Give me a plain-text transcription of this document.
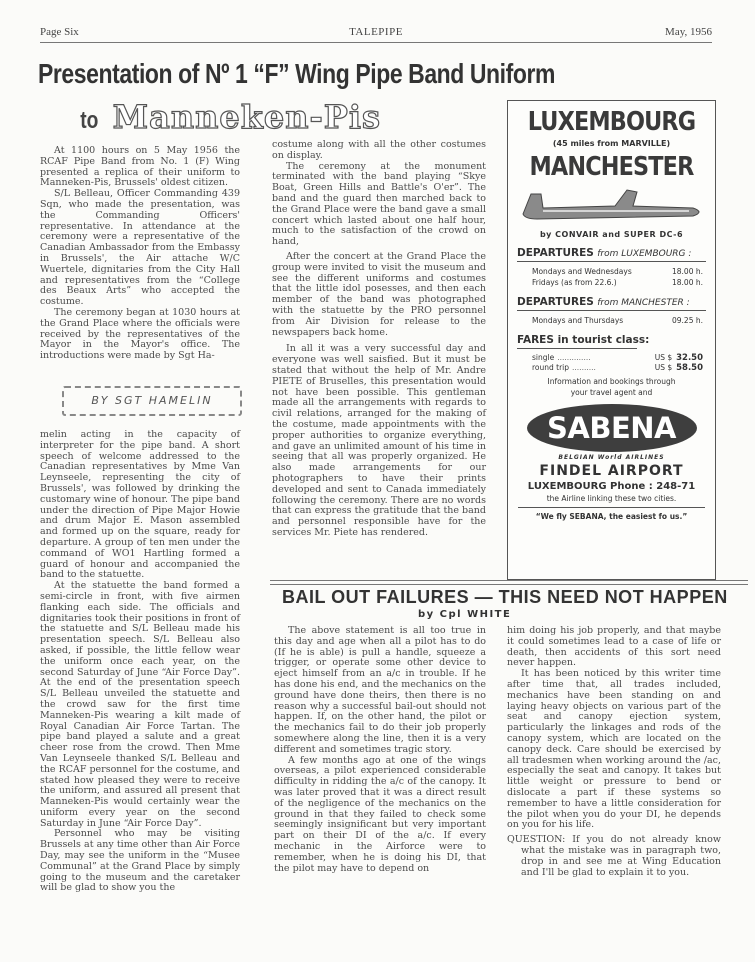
Page Six	TALEPIPE	May, 1956
Presentation of Nº 1 “F” Wing Pipe Band Uniform
to Manneken-Pis

At 1100 hours on 5 May 1956 the RCAF Pipe Band from No. 1 (F) Wing presented a replica of their uniform to Manneken-Pis, Brussels' oldest citizen.

S/L Belleau, Officer Commanding 439 Sqn, who made the presentation, was the Commanding Officers' representative. In attendance at the ceremony were a representative of the Canadian Ambassador from the Embassy in Brussels', the Air attache W/C Wuertele, dignitaries from the City Hall and representatives from the “College des Beaux Arts” who accepted the costume.

The ceremony began at 1030 hours at the Grand Place where the officials were received by the representatives of the Mayor in the Mayor's office. The introductions were made by Sgt Ha-

BY SGT HAMELIN

melin acting in the capacity of interpreter for the pipe band. A short speech of welcome addressed to the Canadian representatives by Mme Van Leynseele, representing the city of Brussels', was followed by drinking the customary wine of honour. The pipe band under the direction of Pipe Major Howie and drum Major E. Mason assembled and formed up on the square, ready for departure. A group of ten men under the command of WO1 Hartling formed a guard of honour and accompanied the band to the statuette.

At the statuette the band formed a semi-circle in front, with five airmen flanking each side. The officials and dignitaries took their positions in front of the statuette and S/L Belleau made his presentation speech. S/L Belleau also asked, if possible, the little fellow wear the uniform once each year, on the second Saturday of June “Air Force Day”. At the end of the presentation speech S/L Belleau unveiled the statuette and the crowd saw for the first time Manneken-Pis wearing a kilt made of Royal Canadian Air Force Tartan. The pipe band played a salute and a great cheer rose from the crowd. Then Mme Van Leynseele thanked S/L Belleau and the RCAF personnel for the costume, and stated how pleased they were to receive the uniform, and assured all present that Manneken-Pis would certainly wear the uniform every year on the second Saturday in June “Air Force Day”.

Personnel who may be visiting Brussels at any time other than Air Force Day, may see the uniform in the “Musee Communal” at the Grand Place by simply going to the museum and the caretaker will be glad to show you the

costume along with all the other costumes on display.

The ceremony at the monument terminated with the band playing “Skye Boat, Green Hills and Battle's O'er”. The band and the guard then marched back to the Grand Place were the band gave a small concert which lasted about one half hour, much to the satisfaction of the crowd on hand,

After the concert at the Grand Place the group were invited to visit the museum and see the different uniforms and costumes that the little idol posesses, and then each member of the band was photographed with the statuette by the PRO personnel from Air Division for release to the newspapers back home.

In all it was a very successful day and everyone was well saisfied. But it must be stated that without the help of Mr. Andre PIETE of Bruselles, this presentation would not have been possible. This gentleman made all the arrangements with regards to civil relations, arranged for the making of the costume, made appointments with the proper authorities to organize everything, and gave an unlimited amount of his time in seeing that all was properly organized. He also made arrangements for our photographers to have their prints developed and sent to Canada immediately following the ceremony. There are no words that can express the gratitude that the band and personnel responsible have for the services Mr. Piete has rendered.

LUXEMBOURG
(45 miles from MARVILLE)
MANCHESTER
by CONVAIR and SUPER DC-6
DEPARTURES from LUXEMBOURG :
Mondays and Wednesdays	18.00 h.
Fridays (as from 22.6.)	18.00 h.
DEPARTURES from MANCHESTER :
Mondays and Thursdays	09.25 h.
FARES in tourist class:
single ..............	US $ 32.50
round trip ..........	US $ 58.50
Information and bookings through your travel agent and
SABENA
BELGIAN World AIRLINES
FINDEL AIRPORT
LUXEMBOURG Phone : 248-71
the Airline linking these two cities.
“We fly SEBANA, the easiest fo us.”
BAIL OUT FAILURES — THIS NEED NOT HAPPEN
by Cpl WHITE

The above statement is all too true in this day and age when all a pilot has to do (If he is able) is pull a handle, squeeze a trigger, or operate some other device to eject himself from an a/c in trouble. If he has done his end, and the mechanics on the ground have done theirs, then there is no reason why a successful bail-out should not happen. If, on the other hand, the pilot or the mechanics fail to do their job properly somewhere along the line, then it is a very different and sometimes tragic story.

A few months ago at one of the wings overseas, a pilot experienced considerable difficulty in ridding the a/c of the canopy. It was later proved that it was a direct result of the negligence of the mechanics on the ground in that they failed to check some seemingly insignificant but very important part on their DI of the a/c. If every mechanic in the Airforce were to remember, when he is doing his DI, that the pilot may have to depend on

him doing his job properly, and that maybe it could sometimes lead to a case of life or death, then accidents of this sort need never happen.

It has been noticed by this writer time after time that, all trades included, mechanics have been standing on and laying heavy objects on various part of the seat and canopy ejection system, particularly the linkages and rods of the canopy system, which are located on the canopy deck. Care should be exercised by all tradesmen when working around the /ac, especially the seat and canopy. It takes but little weight or pressure to bend or dislocate a part if these systems so remember to have a little consideration for the pilot when you do your DI, he depends on you for his life.

QUESTION: If you do not already know what the mistake was in paragraph two, drop in and see me at Wing Education and I'll be glad to explain it to you.
